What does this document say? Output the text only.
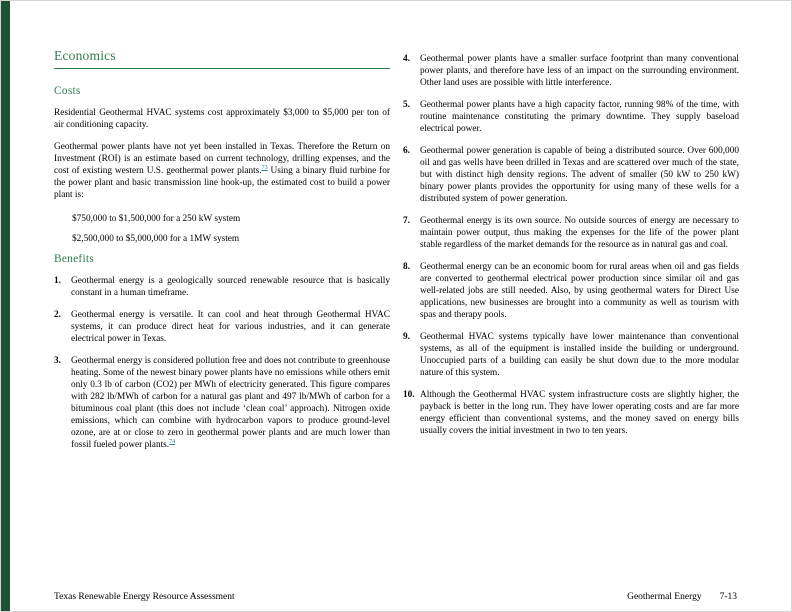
Economics
Costs

Residential Geothermal HVAC systems cost approximately $3,000 to $5,000 per ton of air conditioning capacity.

Geothermal power plants have not yet been installed in Texas. Therefore the Return on Investment (ROI) is an estimate based on current technology, drilling expenses, and the cost of existing western U.S. geothermal power plants.$^{73}$ Using a binary fluid turbine for the power plant and basic transmission line hook-up, the estimated cost to build a power plant is:

$750,000 to $1,500,000 for a 250 kW system

$2,500,000 to $5,000,000 for a 1MW system

Benefits
1.	Geothermal energy is a geologically sourced renewable resource that is basically constant in a human timeframe.
2.	Geothermal energy is versatile. It can cool and heat through Geothermal HVAC systems, it can produce direct heat for various industries, and it can generate electrical power in Texas.
3.	Geothermal energy is considered pollution free and does not contribute to greenhouse heating. Some of the newest binary power plants have no emissions while others emit only 0.3 lb of carbon (CO2) per MWh of electricity generated. This figure compares with 282 lb/MWh of carbon for a natural gas plant and 497 lb/MWh of carbon for a bituminous coal plant (this does not include ‘clean coal’ approach). Nitrogen oxide emissions, which can combine with hydrocarbon vapors to produce ground-level ozone, are at or close to zero in geothermal power plants and are much lower than fossil fueled power plants.$^{74}$
4.	Geothermal power plants have a smaller surface footprint than many conventional power plants, and therefore have less of an impact on the surrounding environment. Other land uses are possible with little interference.
5.	Geothermal power plants have a high capacity factor, running 98% of the time, with routine maintenance constituting the primary downtime. They supply baseload electrical power.
6.	Geothermal power generation is capable of being a distributed source. Over 600,000 oil and gas wells have been drilled in Texas and are scattered over much of the state, but with distinct high density regions. The advent of smaller (50 kW to 250 kW) binary power plants provides the opportunity for using many of these wells for a distributed system of power generation.
7.	Geothermal energy is its own source. No outside sources of energy are necessary to maintain power output, thus making the expenses for the life of the power plant stable regardless of the market demands for the resource as in natural gas and coal.
8.	Geothermal energy can be an economic boom for rural areas when oil and gas fields are converted to geothermal electrical power production since similar oil and gas well-related jobs are still needed. Also, by using geothermal waters for Direct Use applications, new businesses are brought into a community as well as tourism with spas and therapy pools.
9.	Geothermal HVAC systems typically have lower maintenance than conventional systems, as all of the equipment is installed inside the building or underground. Unoccupied parts of a building can easily be shut down due to the more modular nature of this system.
10. Although the Geothermal HVAC system infrastructure costs are slightly higher, the payback is better in the long run. They have lower operating costs and are far more energy efficient than conventional systems, and the money saved on energy bills usually covers the initial investment in two to ten years.
Texas Renewable Energy Resource Assessment	Geothermal Energy 7-13
